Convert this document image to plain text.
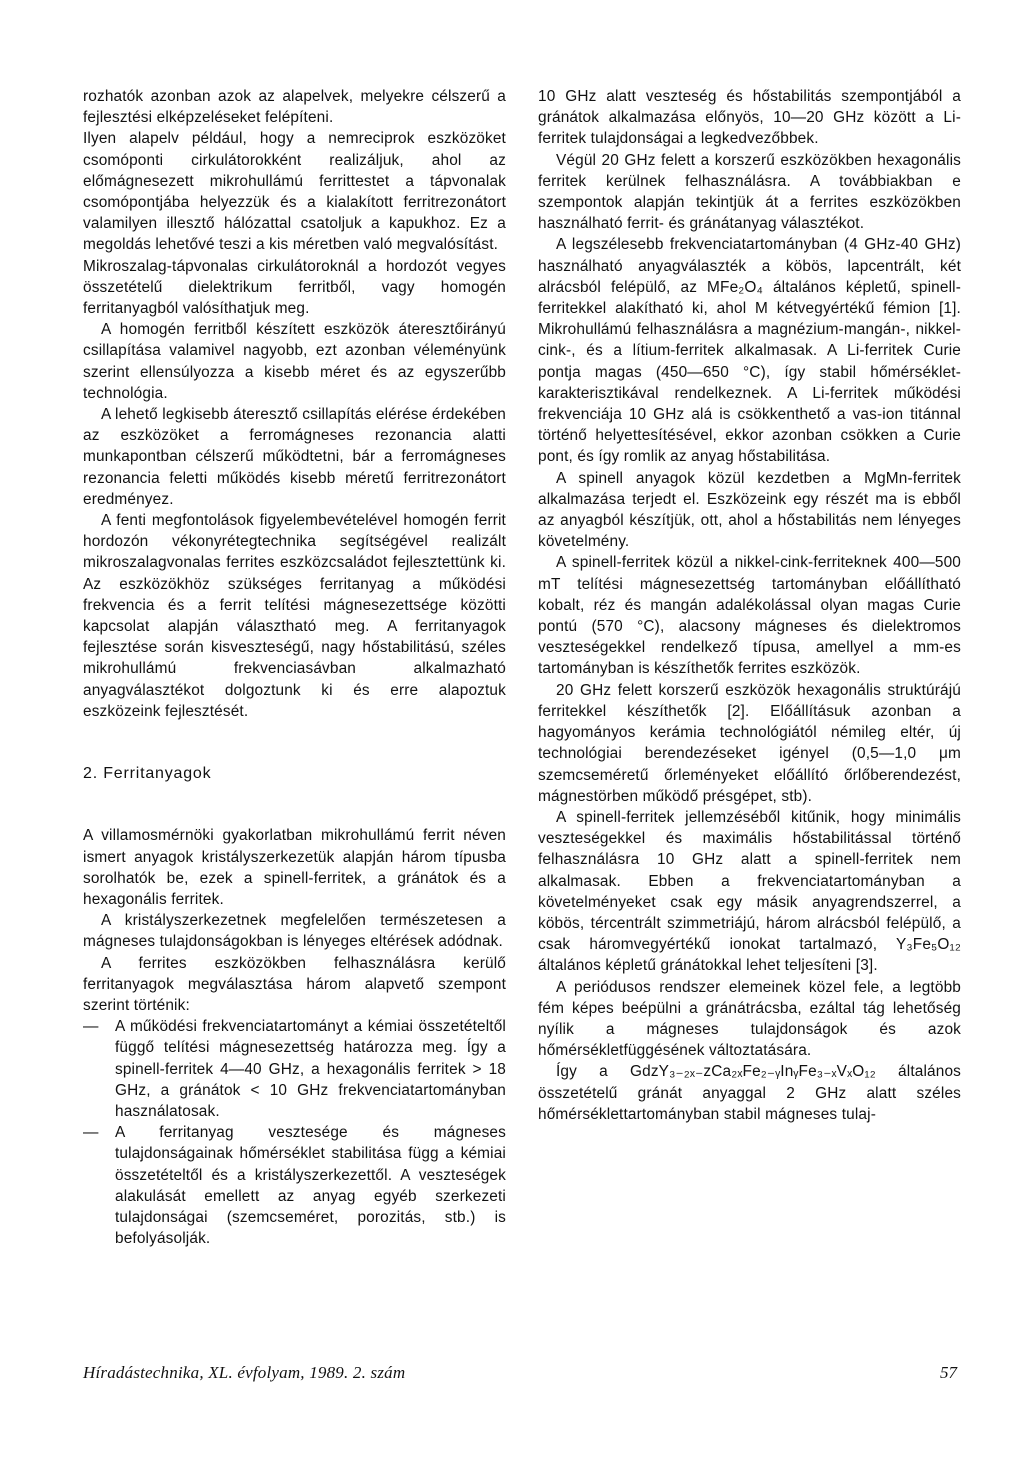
rozhatók azonban azok az alapelvek, melyekre célszerű a fejlesztési elképzeléseket felépíteni.

Ilyen alapelv például, hogy a nemreciprok eszközöket csomóponti cirkulátorokként realizáljuk, ahol az előmágnesezett mikrohullámú ferrittestet a tápvonalak csomópontjába helyezzük és a kialakított ferritrezonátort valamilyen illesztő hálózattal csatoljuk a kapukhoz. Ez a megoldás lehetővé teszi a kis méretben való megvalósítást.

Mikroszalag-tápvonalas cirkulátoroknál a hordozót vegyes összetételű dielektrikum ferritből, vagy homogén ferritanyagból valósíthatjuk meg.

A homogén ferritből készített eszközök áteresztőirányú csillapítása valamivel nagyobb, ezt azonban véleményünk szerint ellensúlyozza a kisebb méret és az egyszerűbb technológia.

A lehető legkisebb áteresztő csillapítás elérése érdekében az eszközöket a ferromágneses rezonancia alatti munkapontban célszerű működtetni, bár a ferromágneses rezonancia feletti működés kisebb méretű ferritrezonátort eredményez.

A fenti megfontolások figyelembevételével homogén ferrit hordozón vékonyrétegtechnika segítségével realizált mikroszalagvonalas ferrites eszközcsaládot fejlesztettünk ki. Az eszközökhöz szükséges ferritanyag a működési frekvencia és a ferrit telítési mágnesezettsége közötti kapcsolat alapján választható meg. A ferritanyagok fejlesztése során kisveszteségű, nagy hőstabilitású, széles mikrohullámú frekvenciasávban alkalmazható anyagválasztékot dolgoztunk ki és erre alapoztuk eszközeink fejlesztését.

2. Ferritanyagok

A villamosmérnöki gyakorlatban mikrohullámú ferrit néven ismert anyagok kristályszerkezetük alapján három típusba sorolhatók be, ezek a spinell-ferritek, a gránátok és a hexagonális ferritek.

A kristályszerkezetnek megfelelően természetesen a mágneses tulajdonságokban is lényeges eltérések adódnak.

A ferrites eszközökben felhasználásra kerülő ferritanyagok megválasztása három alapvető szempont szerint történik:

—	A működési frekvenciatartományt a kémiai összetételtől függő telítési mágnesezettség határozza meg. Így a spinell-ferritek 4—40 GHz, a hexagonális ferritek > 18 GHz, a gránátok < 10 GHz frekvenciatartományban használatosak.
—	A ferritanyag vesztesége és mágneses tulajdonságainak hőmérséklet stabilitása függ a kémiai összetételtől és a kristályszerkezettől. A veszteségek alakulását emellett az anyag egyéb szerkezeti tulajdonságai (szemcseméret, porozitás, stb.) is befolyásolják.

10 GHz alatt veszteség és hőstabilitás szempontjából a gránátok alkalmazása előnyös, 10—20 GHz között a Li-ferritek tulajdonságai a legkedvezőbbek.

Végül 20 GHz felett a korszerű eszközökben hexagonális ferritek kerülnek felhasználásra. A továbbiakban e szempontok alapján tekintjük át a ferrites eszközökben használható ferrit- és gránátanyag választékot.

A legszélesebb frekvenciatartományban (4 GHz-40 GHz) használható anyagválaszték a köbös, lapcentrált, két alrácsból felépülő, az MFe₂O₄ általános képletű, spinell-ferritekkel alakítható ki, ahol M kétvegyértékű fémion [1]. Mikrohullámú felhasználásra a magnézium-mangán-, nikkel-cink-, és a lítium-ferritek alkalmasak. A Li-ferritek Curie pontja magas (450—650 °C), így stabil hőmérséklet-karakterisztikával rendelkeznek. A Li-ferritek működési frekvenciája 10 GHz alá is csökkenthető a vas-ion titánnal történő helyettesítésével, ekkor azonban csökken a Curie pont, és így romlik az anyag hőstabilitása.

A spinell anyagok közül kezdetben a MgMn-ferritek alkalmazása terjedt el. Eszközeink egy részét ma is ebből az anyagból készítjük, ott, ahol a hőstabilitás nem lényeges követelmény.

A spinell-ferritek közül a nikkel-cink-ferriteknek 400—500 mT telítési mágnesezettség tartományban előállítható kobalt, réz és mangán adalékolással olyan magas Curie pontú (570 °C), alacsony mágneses és dielektromos veszteségekkel rendelkező típusa, amellyel a mm-es tartományban is készíthetők ferrites eszközök.

20 GHz felett korszerű eszközök hexagonális struktúrájú ferritekkel készíthetők [2]. Előállításuk azonban a hagyományos kerámia technológiától némileg eltér, új technológiai berendezéseket igényel (0,5—1,0 μm szemcseméretű őrleményeket előállító őrlőberendezést, mágnestörben működő présgépet, stb).

A spinell-ferritek jellemzéséből kitűnik, hogy minimális veszteségekkel és maximális hőstabilitással történő felhasználásra 10 GHz alatt a spinell-ferritek nem alkalmasak. Ebben a frekvenciatartományban a követelményeket csak egy másik anyagrendszerrel, a köbös, tércentrált szimmetriájú, három alrácsból felépülő, a csak háromvegyértékű ionokat tartalmazó, Y₃Fe₅O₁₂ általános képletű gránátokkal lehet teljesíteni [3].

A periódusos rendszer elemeinek közel fele, a legtöbb fém képes beépülni a gránátrácsba, ezáltal tág lehetőség nyílik a mágneses tulajdonságok és azok hőmérsékletfüggésének változtatására.

Így a GdzY₃₋₂ₓ₋zCa₂ₓFe₂₋ᵧInᵧFe₃₋ₓVₓO₁₂ általános összetételű gránát anyaggal 2 GHz alatt széles hőmérséklettartományban stabil mágneses tulaj-

Híradástechnika, XL. évfolyam, 1989. 2. szám	57
